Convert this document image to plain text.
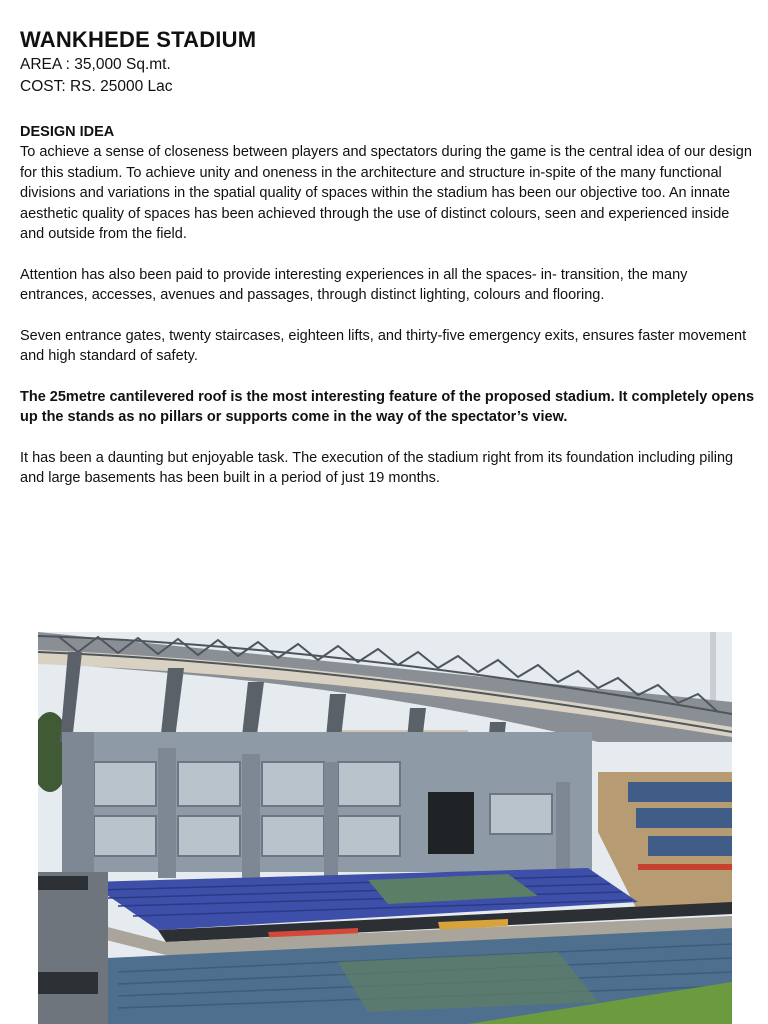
WANKHEDE STADIUM

AREA : 35,000 Sq.mt.

COST: RS. 25000 Lac

DESIGN IDEA

To achieve a sense of closeness between players and spectators during the game is the central idea of our design for this stadium. To achieve unity and oneness in the architecture and structure in-spite of the many functional divisions and variations in the spatial quality of spaces within the stadium has been our objective too. An innate aesthetic quality of spaces has been achieved through the use of distinct colours, seen and experienced inside and outside from the field.

Attention has also been paid to provide interesting experiences in all the spaces- in- transition, the many entrances, accesses, avenues and passages, through distinct lighting, colours and flooring.

Seven entrance gates, twenty staircases, eighteen lifts, and thirty-five emergency exits, ensures faster movement and high standard of safety.

The 25metre cantilevered roof is the most interesting feature of the proposed stadium. It completely opens up the stands as no pillars or supports come in the way of the spectator’s view.

It has been a daunting but enjoyable task. The execution of the stadium right from its foundation including piling and large basements has been built in a period of just 19 months.
